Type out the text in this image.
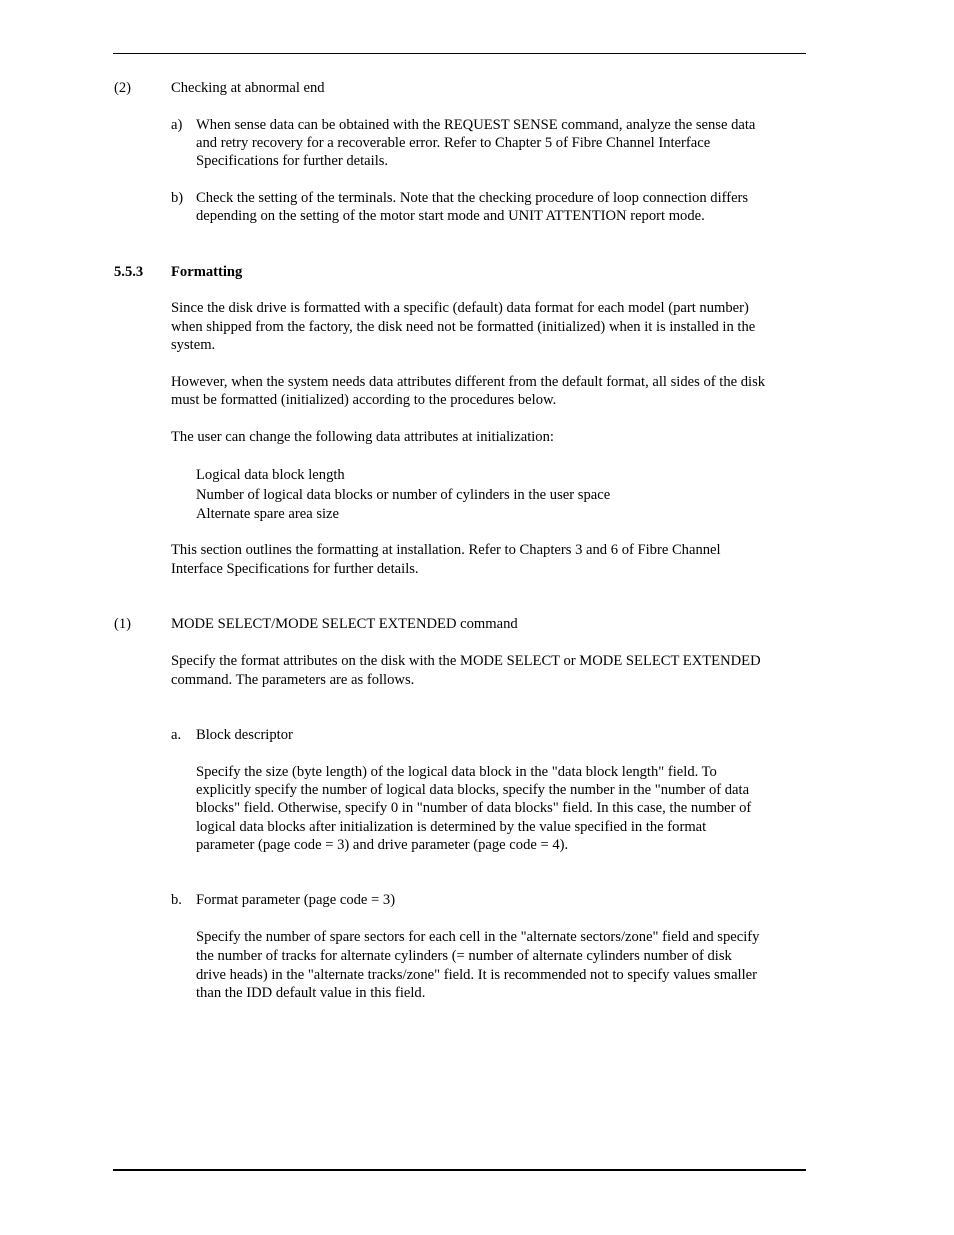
(2)	Checking at abnormal end
a) When sense data can be obtained with the REQUEST SENSE command, analyze the sense data
and retry recovery for a recoverable error. Refer to Chapter 5 of Fibre Channel Interface
Specifications for further details.
b) Check the setting of the terminals. Note that the checking procedure of loop connection differs
depending on the setting of the motor start mode and UNIT ATTENTION report mode.
5.5.3 Formatting
Since the disk drive is formatted with a specific (default) data format for each model (part number)
when shipped from the factory, the disk need not be formatted (initialized) when it is installed in the
system.
However, when the system needs data attributes different from the default format, all sides of the disk
must be formatted (initialized) according to the procedures below.
The user can change the following data attributes at initialization:
Logical data block length
Number of logical data blocks or number of cylinders in the user space
Alternate spare area size
This section outlines the formatting at installation. Refer to Chapters 3 and 6 of Fibre Channel
Interface Specifications for further details.
(1)	MODE SELECT/MODE SELECT EXTENDED command
Specify the format attributes on the disk with the MODE SELECT or MODE SELECT EXTENDED
command. The parameters are as follows.
a. Block descriptor
Specify the size (byte length) of the logical data block in the "data block length" field. To
explicitly specify the number of logical data blocks, specify the number in the "number of data
blocks" field. Otherwise, specify 0 in "number of data blocks" field. In this case, the number of
logical data blocks after initialization is determined by the value specified in the format
parameter (page code = 3) and drive parameter (page code = 4).
b. Format parameter (page code = 3)
Specify the number of spare sectors for each cell in the "alternate sectors/zone" field and specify
the number of tracks for alternate cylinders (= number of alternate cylinders number of disk
drive heads) in the "alternate tracks/zone" field. It is recommended not to specify values smaller
than the IDD default value in this field.
